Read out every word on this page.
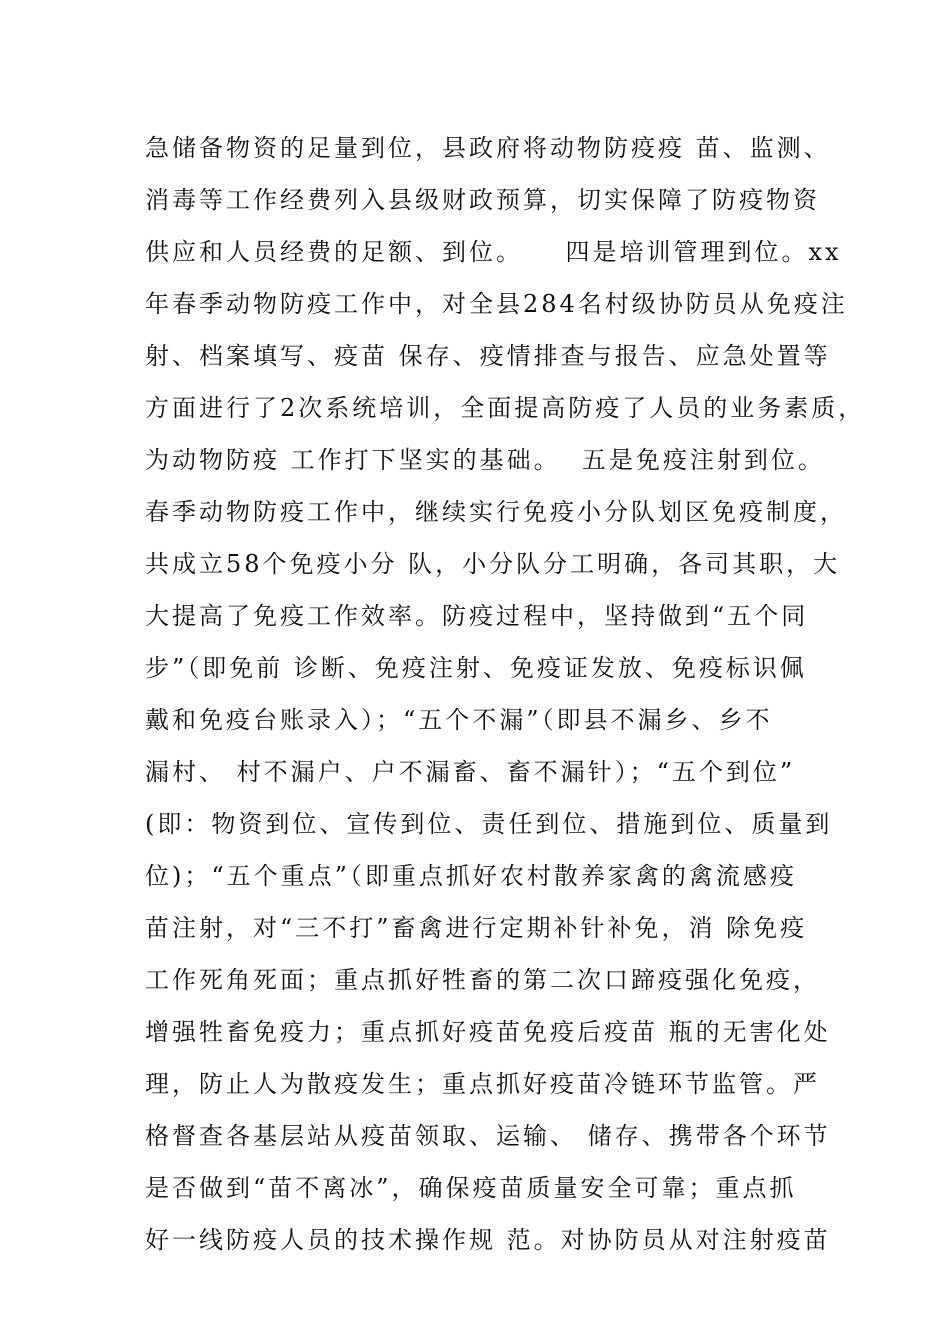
急储备物资的足量到位，县政府将动物防疫疫 苗、监测、
消毒等工作经费列入县级财政预算，切实保障了防疫物资
供应和人员经费的足额、到位。    四是培训管理到位。xx
年春季动物防疫工作中，对全县284名村级协防员从免疫注
射、档案填写、疫苗 保存、疫情排查与报告、应急处置等
方面进行了2次系统培训，全面提高防疫了人员的业务素质，
为动物防疫 工作打下坚实的基础。  五是免疫注射到位。
春季动物防疫工作中，继续实行免疫小分队划区免疫制度，
共成立58个免疫小分 队，小分队分工明确，各司其职，大
大提高了免疫工作效率。防疫过程中，坚持做到“五个同
步”（即免前 诊断、免疫注射、免疫证发放、免疫标识佩
戴和免疫台账录入）；“五个不漏”（即县不漏乡、乡不
漏村、 村不漏户、户不漏畜、畜不漏针）；“五个到位”
(即：物资到位、宣传到位、责任到位、措施到位、质量到
位)；“五个重点”（即重点抓好农村散养家禽的禽流感疫
苗注射，对“三不打”畜禽进行定期补针补免，消 除免疫
工作死角死面；重点抓好牲畜的第二次口蹄疫强化免疫，
增强牲畜免疫力；重点抓好疫苗免疫后疫苗 瓶的无害化处
理，防止人为散疫发生；重点抓好疫苗冷链环节监管。严
格督查各基层站从疫苗领取、运输、 储存、携带各个环节
是否做到“苗不离冰”，确保疫苗质量安全可靠；重点抓
好一线防疫人员的技术操作规 范。对协防员从对注射疫苗
